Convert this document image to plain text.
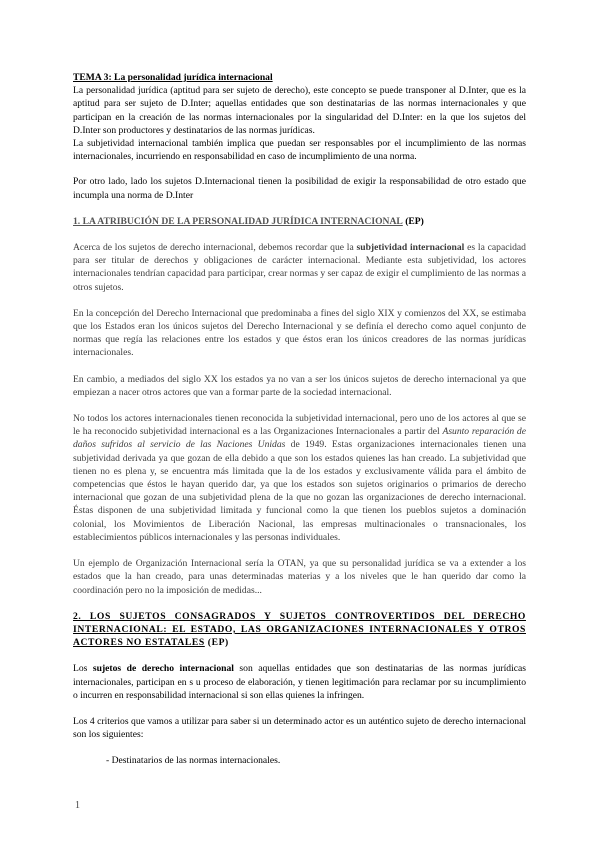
TEMA 3: La personalidad jurídica internacional

La personalidad jurídica (aptitud para ser sujeto de derecho), este concepto se puede transponer al D.Inter, que es la aptitud para ser sujeto de D.Inter; aquellas entidades que son destinatarias de las normas internacionales y que participan en la creación de las normas internacionales por la singularidad del D.Inter: en la que los sujetos del D.Inter son productores y destinatarios de las normas jurídicas.

La subjetividad internacional también implica que puedan ser responsables por el incumplimiento de las normas internacionales, incurriendo en responsabilidad en caso de incumplimiento de una norma.

Por otro lado, lado los sujetos D.Internacional tienen la posibilidad de exigir la responsabilidad de otro estado que incumpla una norma de D.Inter

1. LA ATRIBUCIÓN DE LA PERSONALIDAD JURÍDICA INTERNACIONAL (EP)

Acerca de los sujetos de derecho internacional, debemos recordar que la subjetividad internacional es la capacidad para ser titular de derechos y obligaciones de carácter internacional. Mediante esta subjetividad, los actores internacionales tendrían capacidad para participar, crear normas y ser capaz de exigir el cumplimiento de las normas a otros sujetos.

En la concepción del Derecho Internacional que predominaba a fines del siglo XIX y comienzos del XX, se estimaba que los Estados eran los únicos sujetos del Derecho Internacional y se definía el derecho como aquel conjunto de normas que regía las relaciones entre los estados y que éstos eran los únicos creadores de las normas jurídicas internacionales.

En cambio, a mediados del siglo XX los estados ya no van a ser los únicos sujetos de derecho internacional ya que empiezan a nacer otros actores que van a formar parte de la sociedad internacional.

No todos los actores internacionales tienen reconocida la subjetividad internacional, pero uno de los actores al que se le ha reconocido subjetividad internacional es a las Organizaciones Internacionales a partir del Asunto reparación de daños sufridos al servicio de las Naciones Unidas de 1949. Estas organizaciones internacionales tienen una subjetividad derivada ya que gozan de ella debido a que son los estados quienes las han creado. La subjetividad que tienen no es plena y, se encuentra más limitada que la de los estados y exclusivamente válida para el ámbito de competencias que éstos le hayan querido dar, ya que los estados son sujetos originarios o primarios de derecho internacional que gozan de una subjetividad plena de la que no gozan las organizaciones de derecho internacional. Éstas disponen de una subjetividad limitada y funcional como la que tienen los pueblos sujetos a dominación colonial, los Movimientos de Liberación Nacional, las empresas multinacionales o transnacionales, los establecimientos públicos internacionales y las personas individuales.

Un ejemplo de Organización Internacional sería la OTAN, ya que su personalidad jurídica se va a extender a los estados que la han creado, para unas determinadas materias y a los niveles que le han querido dar como la coordinación pero no la imposición de medidas...

2. LOS SUJETOS CONSAGRADOS Y SUJETOS CONTROVERTIDOS DEL DERECHO INTERNACIONAL: EL ESTADO, LAS ORGANIZACIONES INTERNACIONALES Y OTROS ACTORES NO ESTATALES (EP)

Los sujetos de derecho internacional son aquellas entidades que son destinatarias de las normas jurídicas internacionales, participan en s u proceso de elaboración, y tienen legitimación para reclamar por su incumplimiento o incurren en responsabilidad internacional si son ellas quienes la infringen.

Los 4 criterios que vamos a utilizar para saber si un determinado actor es un auténtico sujeto de derecho internacional son los siguientes:

- Destinatarios de las normas internacionales.

1
